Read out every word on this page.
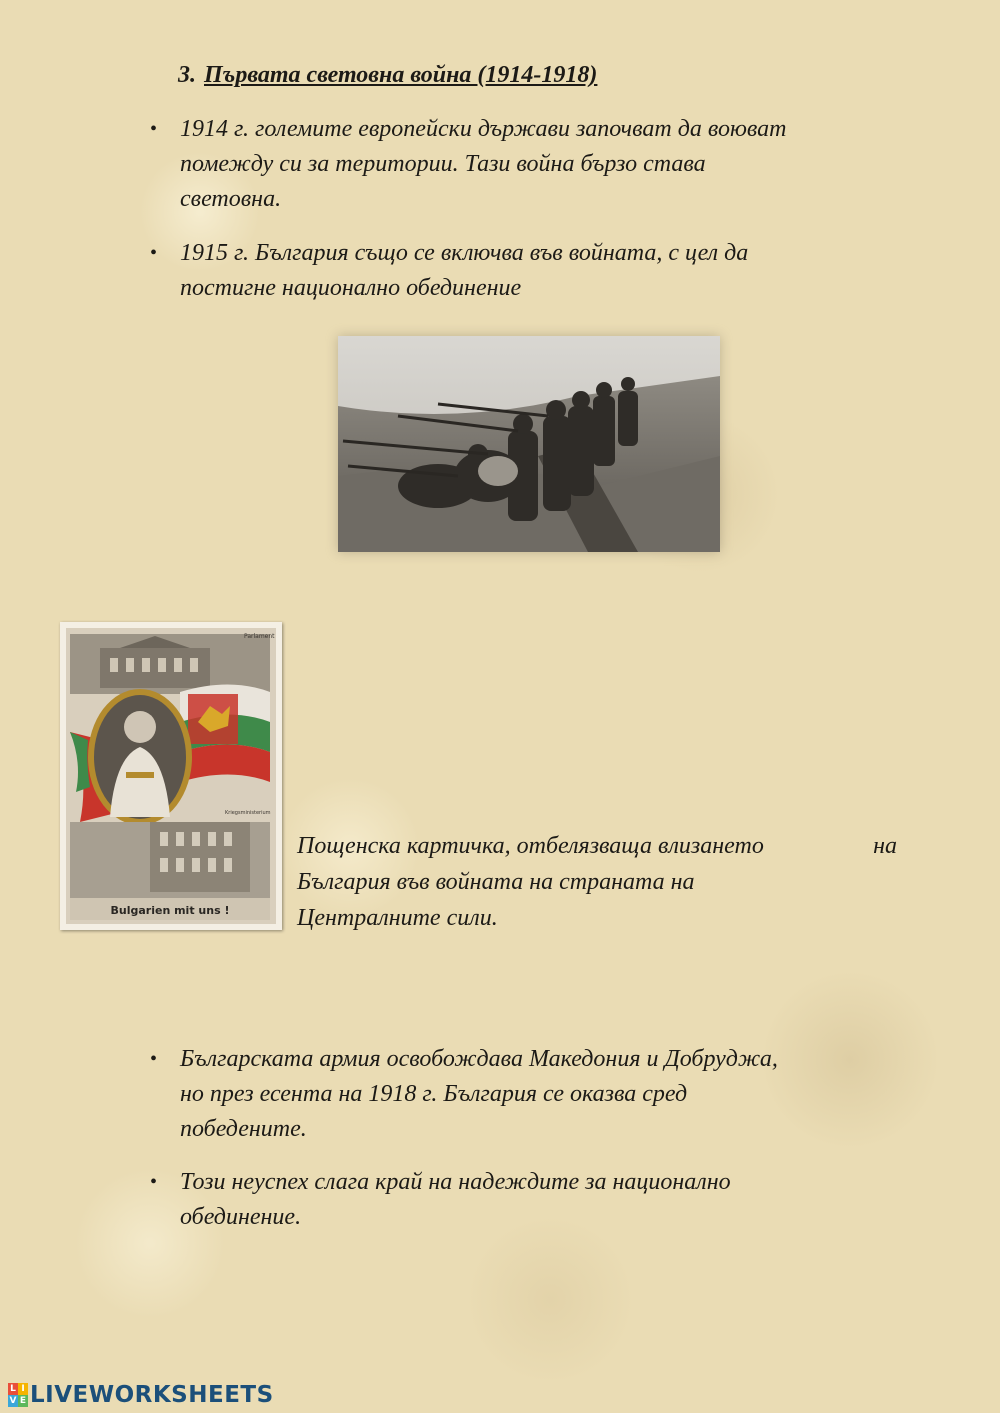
3. Първата световна война (1914-1918)
• 1914 г. големите европейски държави започват да воюват
помежду си за територии. Тази война бързо става
световна.
• 1915 г. България също се включва във войната, с цел да
постигне национално обединение
Parlament
Kriegsministerium
Bulgarien mit uns !
Пощенска картичка, отбелязваща влизането	на
България във войната на страната на
Централните сили.
• Българската армия освобождава Македония и Добруджа,
но през есента на 1918 г. България се оказва сред
победените.
• Този неуспех слага край на надеждите за национално
обединение.
L I
V E LIVEWORKSHEETS
